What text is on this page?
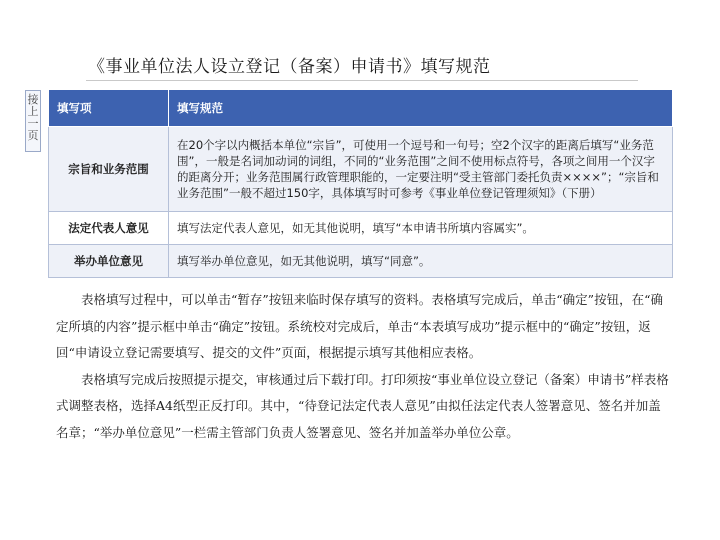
《事业单位法人设立登记（备案）申请书》填写规范
接
上
一
页
填写项	填写规范
宗旨和业务范围	在20个字以内概括本单位“宗旨”，可使用一个逗号和一句号；空2个汉字的距离后填写“业务范围”，一般是名词加动词的词组，不同的“业务范围”之间不使用标点符号，各项之间用一个汉字的距离分开；业务范围属行政管理职能的，一定要注明“受主管部门委托负责××××”；“宗旨和业务范围”一般不超过150字，具体填写时可参考《事业单位登记管理须知》（下册）
法定代表人意见	填写法定代表人意见，如无其他说明，填写“本申请书所填内容属实”。
举办单位意见	填写举办单位意见，如无其他说明，填写“同意”。

表格填写过程中，可以单击“暂存”按钮来临时保存填写的资料。表格填写完成后，单击“确定”按钮，在“确定所填的内容”提示框中单击“确定”按钮。系统校对完成后，单击“本表填写成功”提示框中的“确定”按钮，返回“申请设立登记需要填写、提交的文件”页面，根据提示填写其他相应表格。

表格填写完成后按照提示提交，审核通过后下载打印。打印须按“事业单位设立登记（备案）申请书”样表格式调整表格，选择A4纸型正反打印。其中，“待登记法定代表人意见”由拟任法定代表人签署意见、签名并加盖名章；“举办单位意见”一栏需主管部门负责人签署意见、签名并加盖举办单位公章。
